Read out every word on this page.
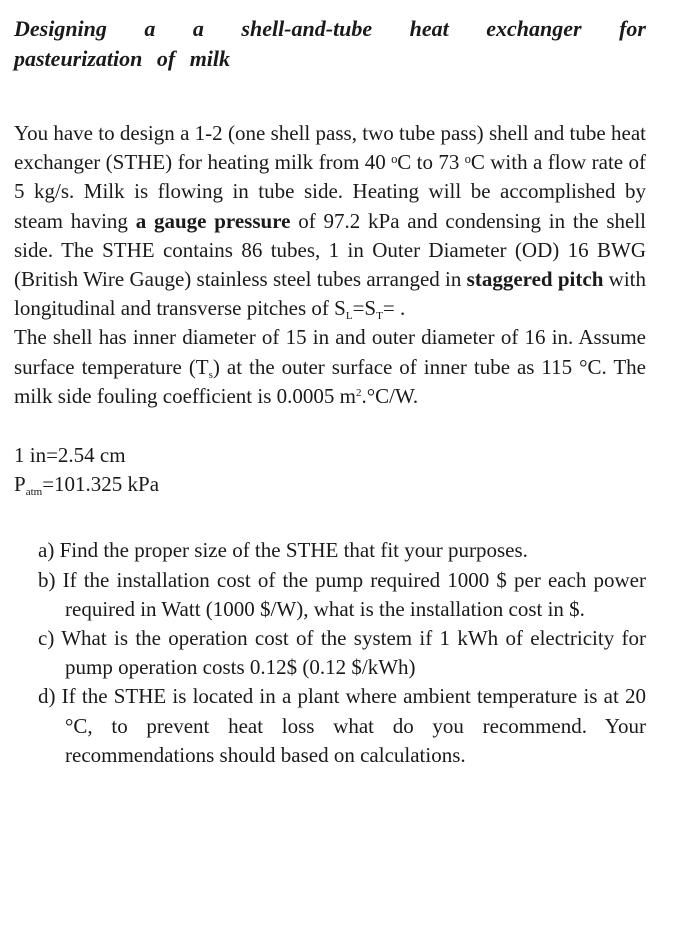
Designing a a shell-and-tube heat exchanger for
pasteurization of milk

You have to design a 1-2 (one shell pass, two tube pass) shell and tube heat exchanger (STHE) for heating milk from 40 ᵒC to 73 ᵒC with a flow rate of 5 kg/s. Milk is flowing in tube side. Heating will be accomplished by steam having a gauge pressure of 97.2 kPa and condensing in the shell side. The STHE contains 86 tubes, 1 in Outer Diameter (OD) 16 BWG (British Wire Gauge) stainless steel tubes arranged in staggered pitch with longitudinal and transverse pitches of $S_L=S_T=$ .

The shell has inner diameter of 15 in and outer diameter of 16 in. Assume surface temperature $(T_s)$ at the outer surface of inner tube as 115 °C. The milk side fouling coefficient is 0.0005 $m^2.^\circ C/W$.

1 in=2.54 cm

$P_{atm}=101.325$ kPa

a) Find the proper size of the STHE that fit your purposes.
b) If the installation cost of the pump required 1000 $ per each power required in Watt (1000 $/W), what is the installation cost in $.
c) What is the operation cost of the system if 1 kWh of electricity for pump operation costs 0.12$ (0.12 $/kWh)
d) If the STHE is located in a plant where ambient temperature is at 20 °C, to prevent heat loss what do you recommend. Your recommendations should based on calculations.
